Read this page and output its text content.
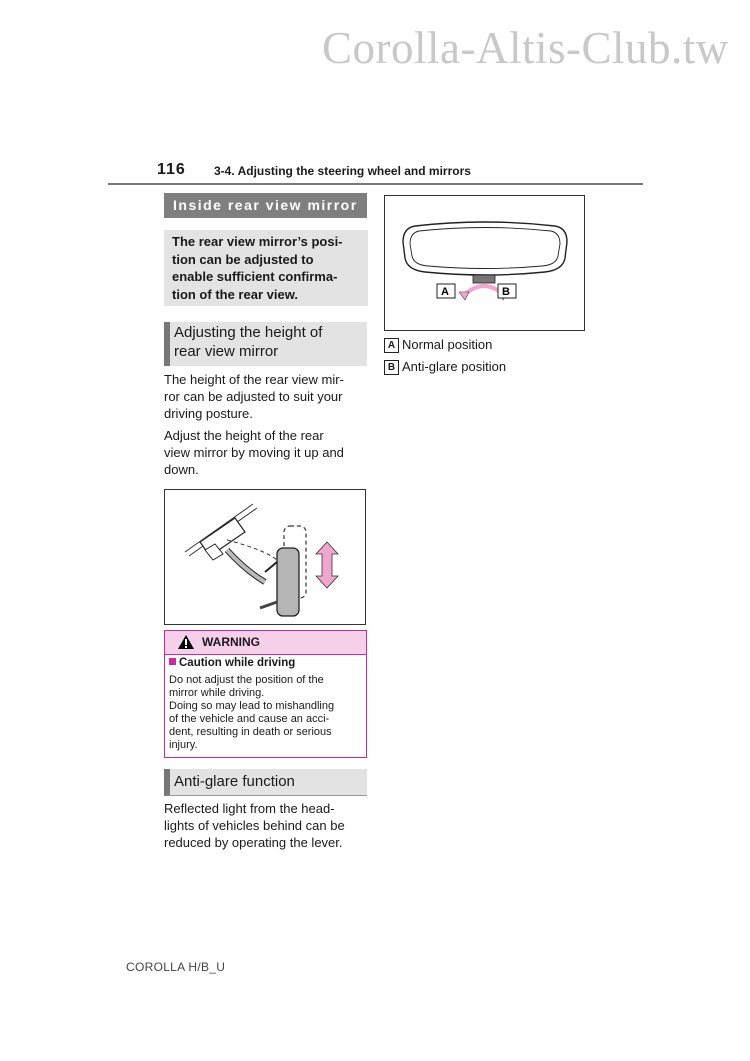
Corolla-Altis-Club.tw
116 3-4. Adjusting the steering wheel and mirrors
Inside rear view mirror
The rear view mirror’s posi-
tion can be adjusted to
enable sufficient confirma-
tion of the rear view.
Adjusting the height of
rear view mirror
The height of the rear view mir-
ror can be adjusted to suit your
driving posture.
Adjust the height of the rear
view mirror by moving it up and
down.
WARNING
Caution while driving
Do not adjust the position of the
mirror while driving.
Doing so may lead to mishandling
of the vehicle and cause an acci-
dent, resulting in death or serious
injury.
Anti-glare function
Reflected light from the head-
lights of vehicles behind can be
reduced by operating the lever.
A	B
A Normal position
B Anti-glare position
COROLLA H/B_U
